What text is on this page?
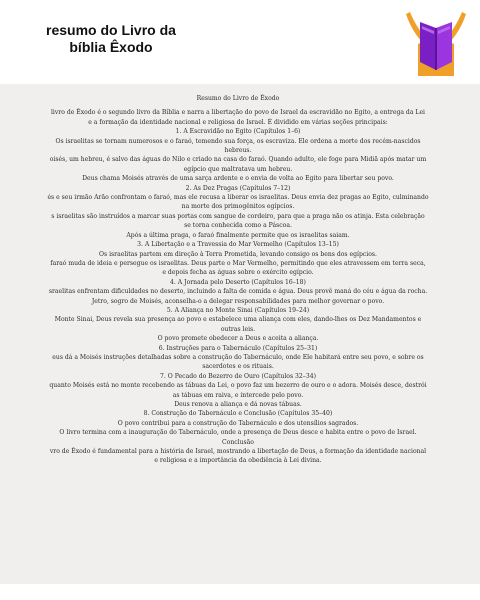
resumo do Livro da
bíblia Êxodo
Resumo do Livro de Êxodo
livro de Êxodo é o segundo livro da Bíblia e narra a libertação do povo de Israel da escravidão no Egito, a entrega da Lei
e a formação da identidade nacional e religiosa de Israel. É dividido em várias seções principais:
1. A Escravidão no Egito (Capítulos 1–6)
Os israelitas se tornam numerosos e o faraó, temendo sua força, os escraviza. Ele ordena a morte dos recém-nascidos
hebreus.
oisés, um hebreu, é salvo das águas do Nilo e criado na casa do faraó. Quando adulto, ele foge para Midiã após matar um
egípcio que maltratava um hebreu.
Deus chama Moisés através de uma sarça ardente e o envia de volta ao Egito para libertar seu povo.
2. As Dez Pragas (Capítulos 7–12)
és e seu irmão Arão confrontam o faraó, mas ele recusa a liberar os israelitas. Deus envia dez pragas ao Egito, culminando
na morte dos primogênitos egípcios.
s israelitas são instruídos a marcar suas portas com sangue de cordeiro, para que a praga não os atinja. Esta celebração
se torna conhecida como a Páscoa.
Após a última praga, o faraó finalmente permite que os israelitas saiam.
3. A Libertação e a Travessia do Mar Vermelho (Capítulos 13–15)
Os israelitas partem em direção à Terra Prometida, levando consigo os bens dos egípcios.
faraó muda de ideia e persegue os israelitas. Deus parte o Mar Vermelho, permitindo que eles atravessem em terra seca,
e depois fecha as águas sobre o exército egípcio.
4. A Jornada pelo Deserto (Capítulos 16–18)
sraelitas enfrentam dificuldades no deserto, incluindo a falta de comida e água. Deus provê maná do céu e água da rocha.
Jetro, sogro de Moisés, aconselha-o a delegar responsabilidades para melhor governar o povo.
5. A Aliança no Monte Sinai (Capítulos 19–24)
Monte Sinai, Deus revela sua presença ao povo e estabelece uma aliança com eles, dando-lhes os Dez Mandamentos e
outras leis.
O povo promete obedecer a Deus e aceita a aliança.
6. Instruções para o Tabernáculo (Capítulos 25–31)
eus dá a Moisés instruções detalhadas sobre a construção do Tabernáculo, onde Ele habitará entre seu povo, e sobre os
sacerdotes e os rituais.
7. O Pecado do Bezerro de Ouro (Capítulos 32–34)
quanto Moisés está no monte recebendo as tábuas da Lei, o povo faz um bezerro de ouro e o adora. Moisés desce, destrói
as tábuas em raiva, e intercede pelo povo.
Deus renova a aliança e dá novas tábuas.
8. Construção do Tabernáculo e Conclusão (Capítulos 35–40)
O povo contribui para a construção do Tabernáculo e dos utensílios sagrados.
O livro termina com a inauguração do Tabernáculo, onde a presença de Deus desce e habita entre o povo de Israel.
Conclusão
vro de Êxodo é fundamental para a história de Israel, mostrando a libertação de Deus, a formação da identidade nacional
e religiosa e a importância da obediência à Lei divina.
